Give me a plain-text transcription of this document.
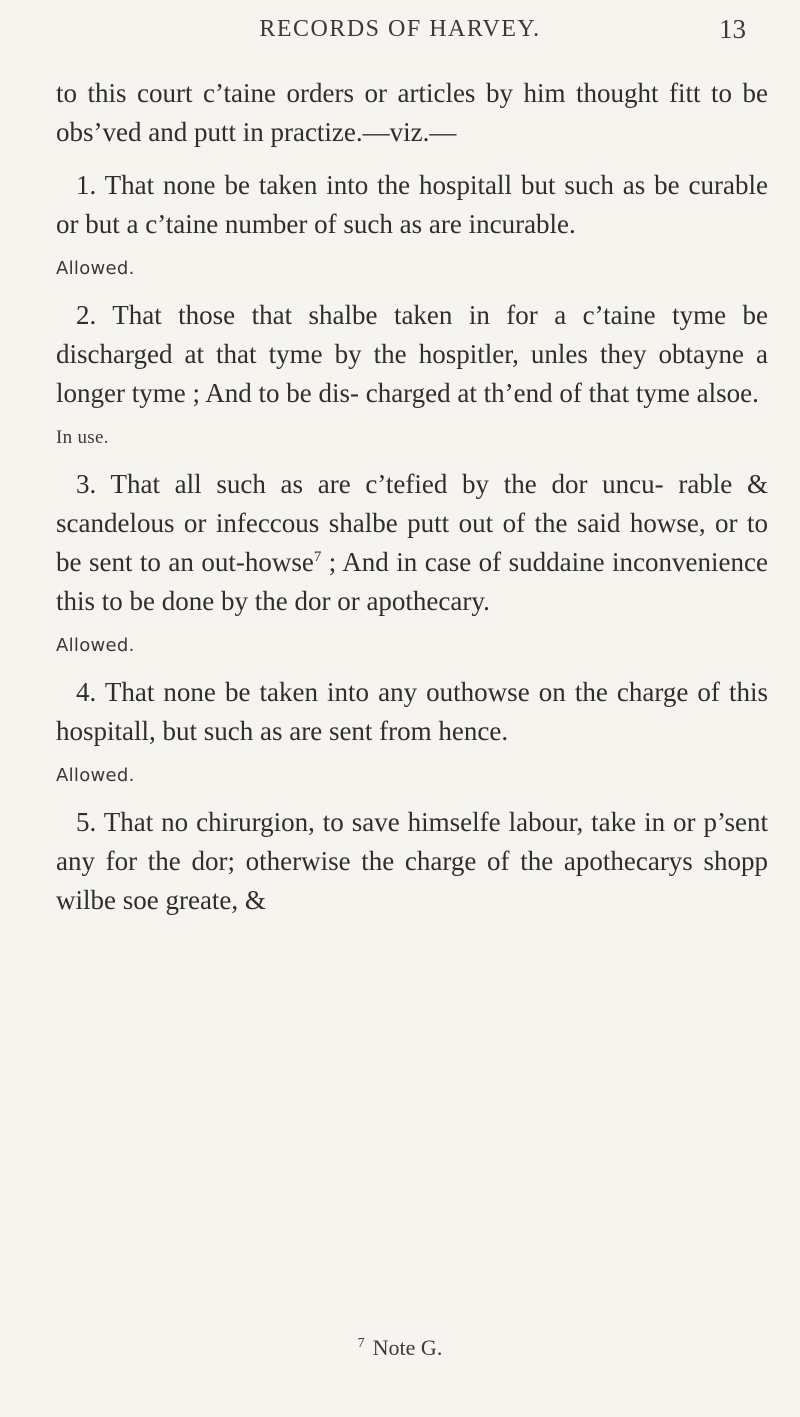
RECORDS OF HARVEY.	13

to this court c’taine orders or articles by him thought fitt to be obs’ved and putt in practize.—viz.—

1. That none be taken into the hospitall but such as be curable or but a c’taine number of such as are incurable.

Allowed.

2. That those that shalbe taken in for a c’taine tyme be discharged at that tyme by the hospitler, unles they obtayne a longer tyme ; And to be dis- charged at th’end of that tyme alsoe.

In use.

3. That all such as are c’tefied by the dor uncu- rable & scandelous or infeccous shalbe putt out of the said howse, or to be sent to an out-howse$^7$ ; And in case of suddaine inconvenience this to be done by the dor or apothecary.

Allowed.

4. That none be taken into any outhowse on the charge of this hospitall, but such as are sent from hence.

Allowed.

5. That no chirurgion, to save himselfe labour, take in or p’sent any for the dor; otherwise the charge of the apothecarys shopp wilbe soe greate, &

$^7$ Note G.
